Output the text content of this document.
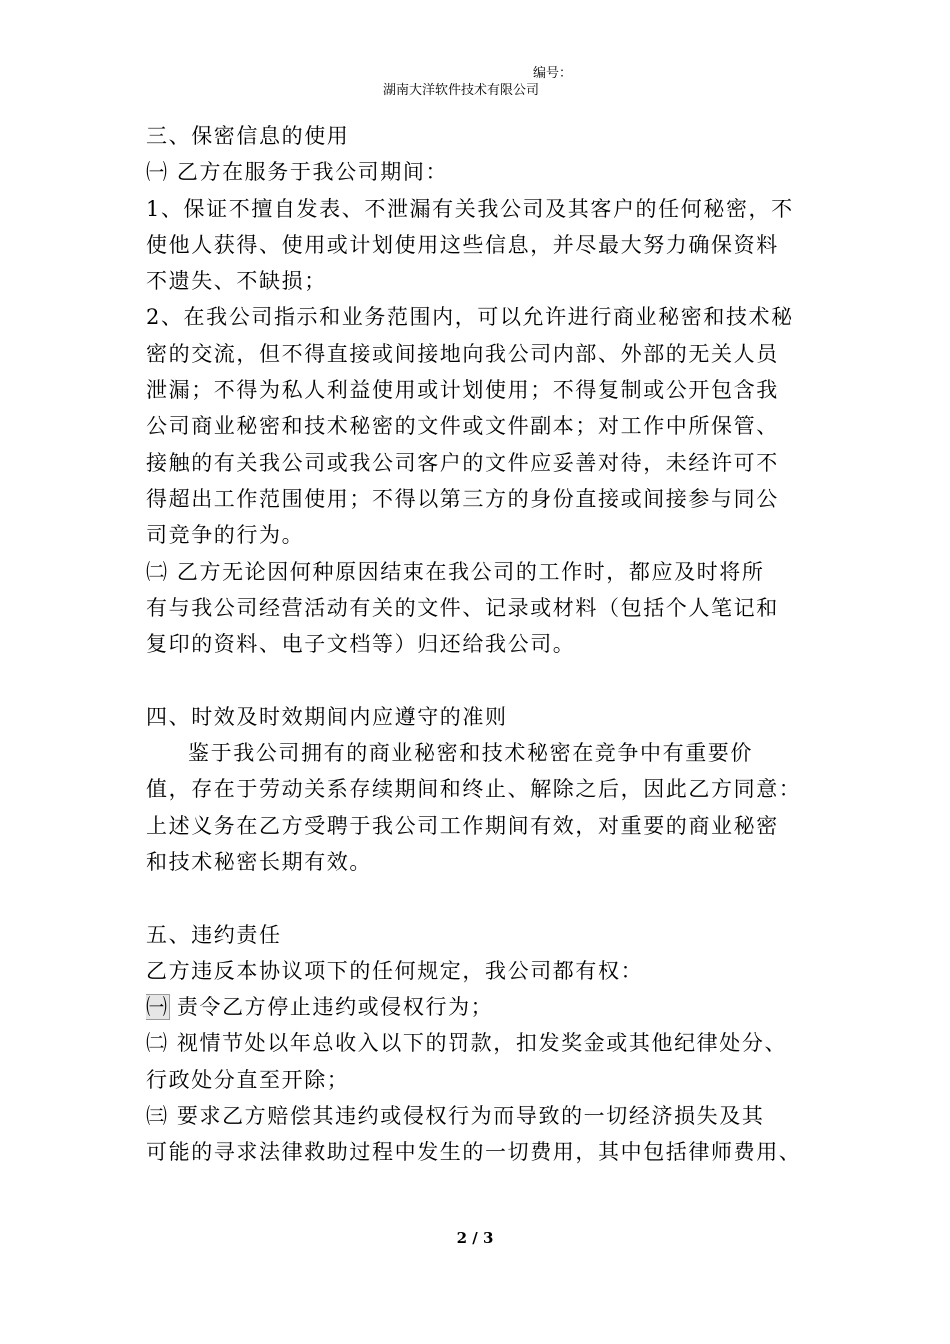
编号：
湖南大洋软件技术有限公司
三、保密信息的使用
㈠ 乙方在服务于我公司期间：
1、保证不擅自发表、不泄漏有关我公司及其客户的任何秘密，不
使他人获得、使用或计划使用这些信息，并尽最大努力确保资料
不遗失、不缺损；
2、在我公司指示和业务范围内，可以允许进行商业秘密和技术秘
密的交流，但不得直接或间接地向我公司内部、外部的无关人员
泄漏；不得为私人利益使用或计划使用；不得复制或公开包含我
公司商业秘密和技术秘密的文件或文件副本；对工作中所保管、
接触的有关我公司或我公司客户的文件应妥善对待，未经许可不
得超出工作范围使用；不得以第三方的身份直接或间接参与同公
司竞争的行为。
㈡ 乙方无论因何种原因结束在我公司的工作时，都应及时将所
有与我公司经营活动有关的文件、记录或材料（包括个人笔记和
复印的资料、电子文档等）归还给我公司。
四、时效及时效期间内应遵守的准则
鉴于我公司拥有的商业秘密和技术秘密在竞争中有重要价
值，存在于劳动关系存续期间和终止、解除之后，因此乙方同意：
上述义务在乙方受聘于我公司工作期间有效，对重要的商业秘密
和技术秘密长期有效。
五、违约责任
乙方违反本协议项下的任何规定，我公司都有权：
㈠ 责令乙方停止违约或侵权行为；
㈡ 视情节处以年总收入以下的罚款，扣发奖金或其他纪律处分、
行政处分直至开除；
㈢ 要求乙方赔偿其违约或侵权行为而导致的一切经济损失及其
可能的寻求法律救助过程中发生的一切费用，其中包括律师费用、
2 / 3
